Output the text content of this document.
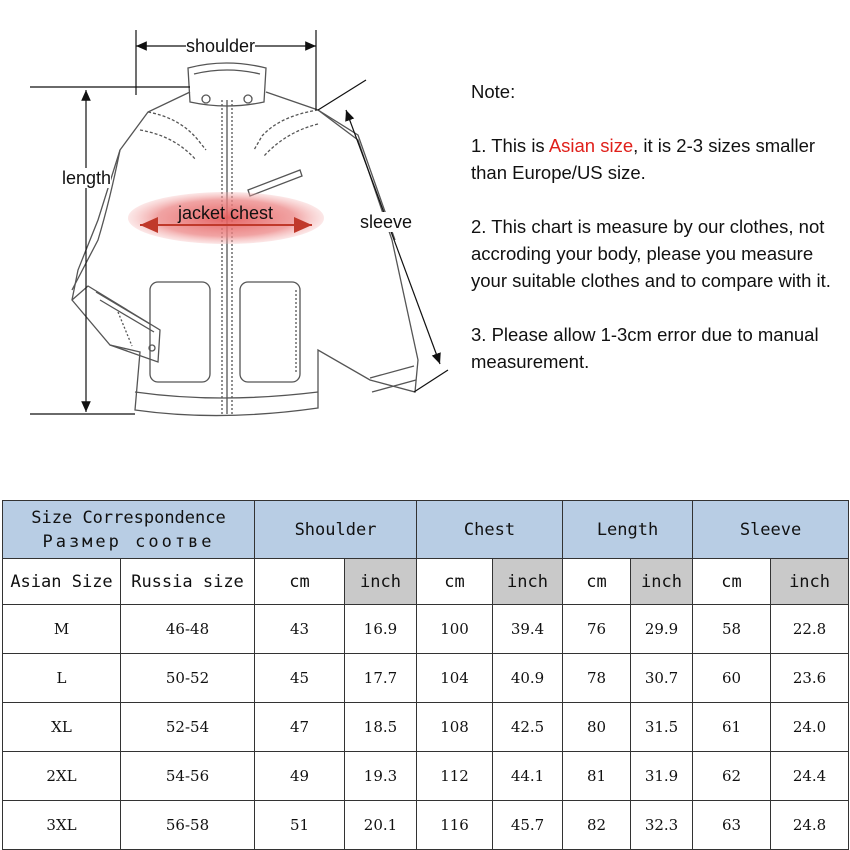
shoulder
length
sleeve
jacket chest

Note:

1. This is Asian size, it is 2-3 sizes smaller than Europe/US size.

2. This chart is measure by our clothes, not accroding your body, please you measure your suitable clothes and to compare with it.

3. Please allow 1-3cm error due to manual measurement.

Size Correspondence
Размер соотве		Shoulder		Chest		Length		Sleeve	
Asian Size	Russia size	cm	inch	cm	inch	cm	inch	cm	inch
M	46-48	43	16.9	100	39.4	76	29.9	58	22.8
L	50-52	45	17.7	104	40.9	78	30.7	60	23.6
XL	52-54	47	18.5	108	42.5	80	31.5	61	24.0
2XL	54-56	49	19.3	112	44.1	81	31.9	62	24.4
3XL	56-58	51	20.1	116	45.7	82	32.3	63	24.8
